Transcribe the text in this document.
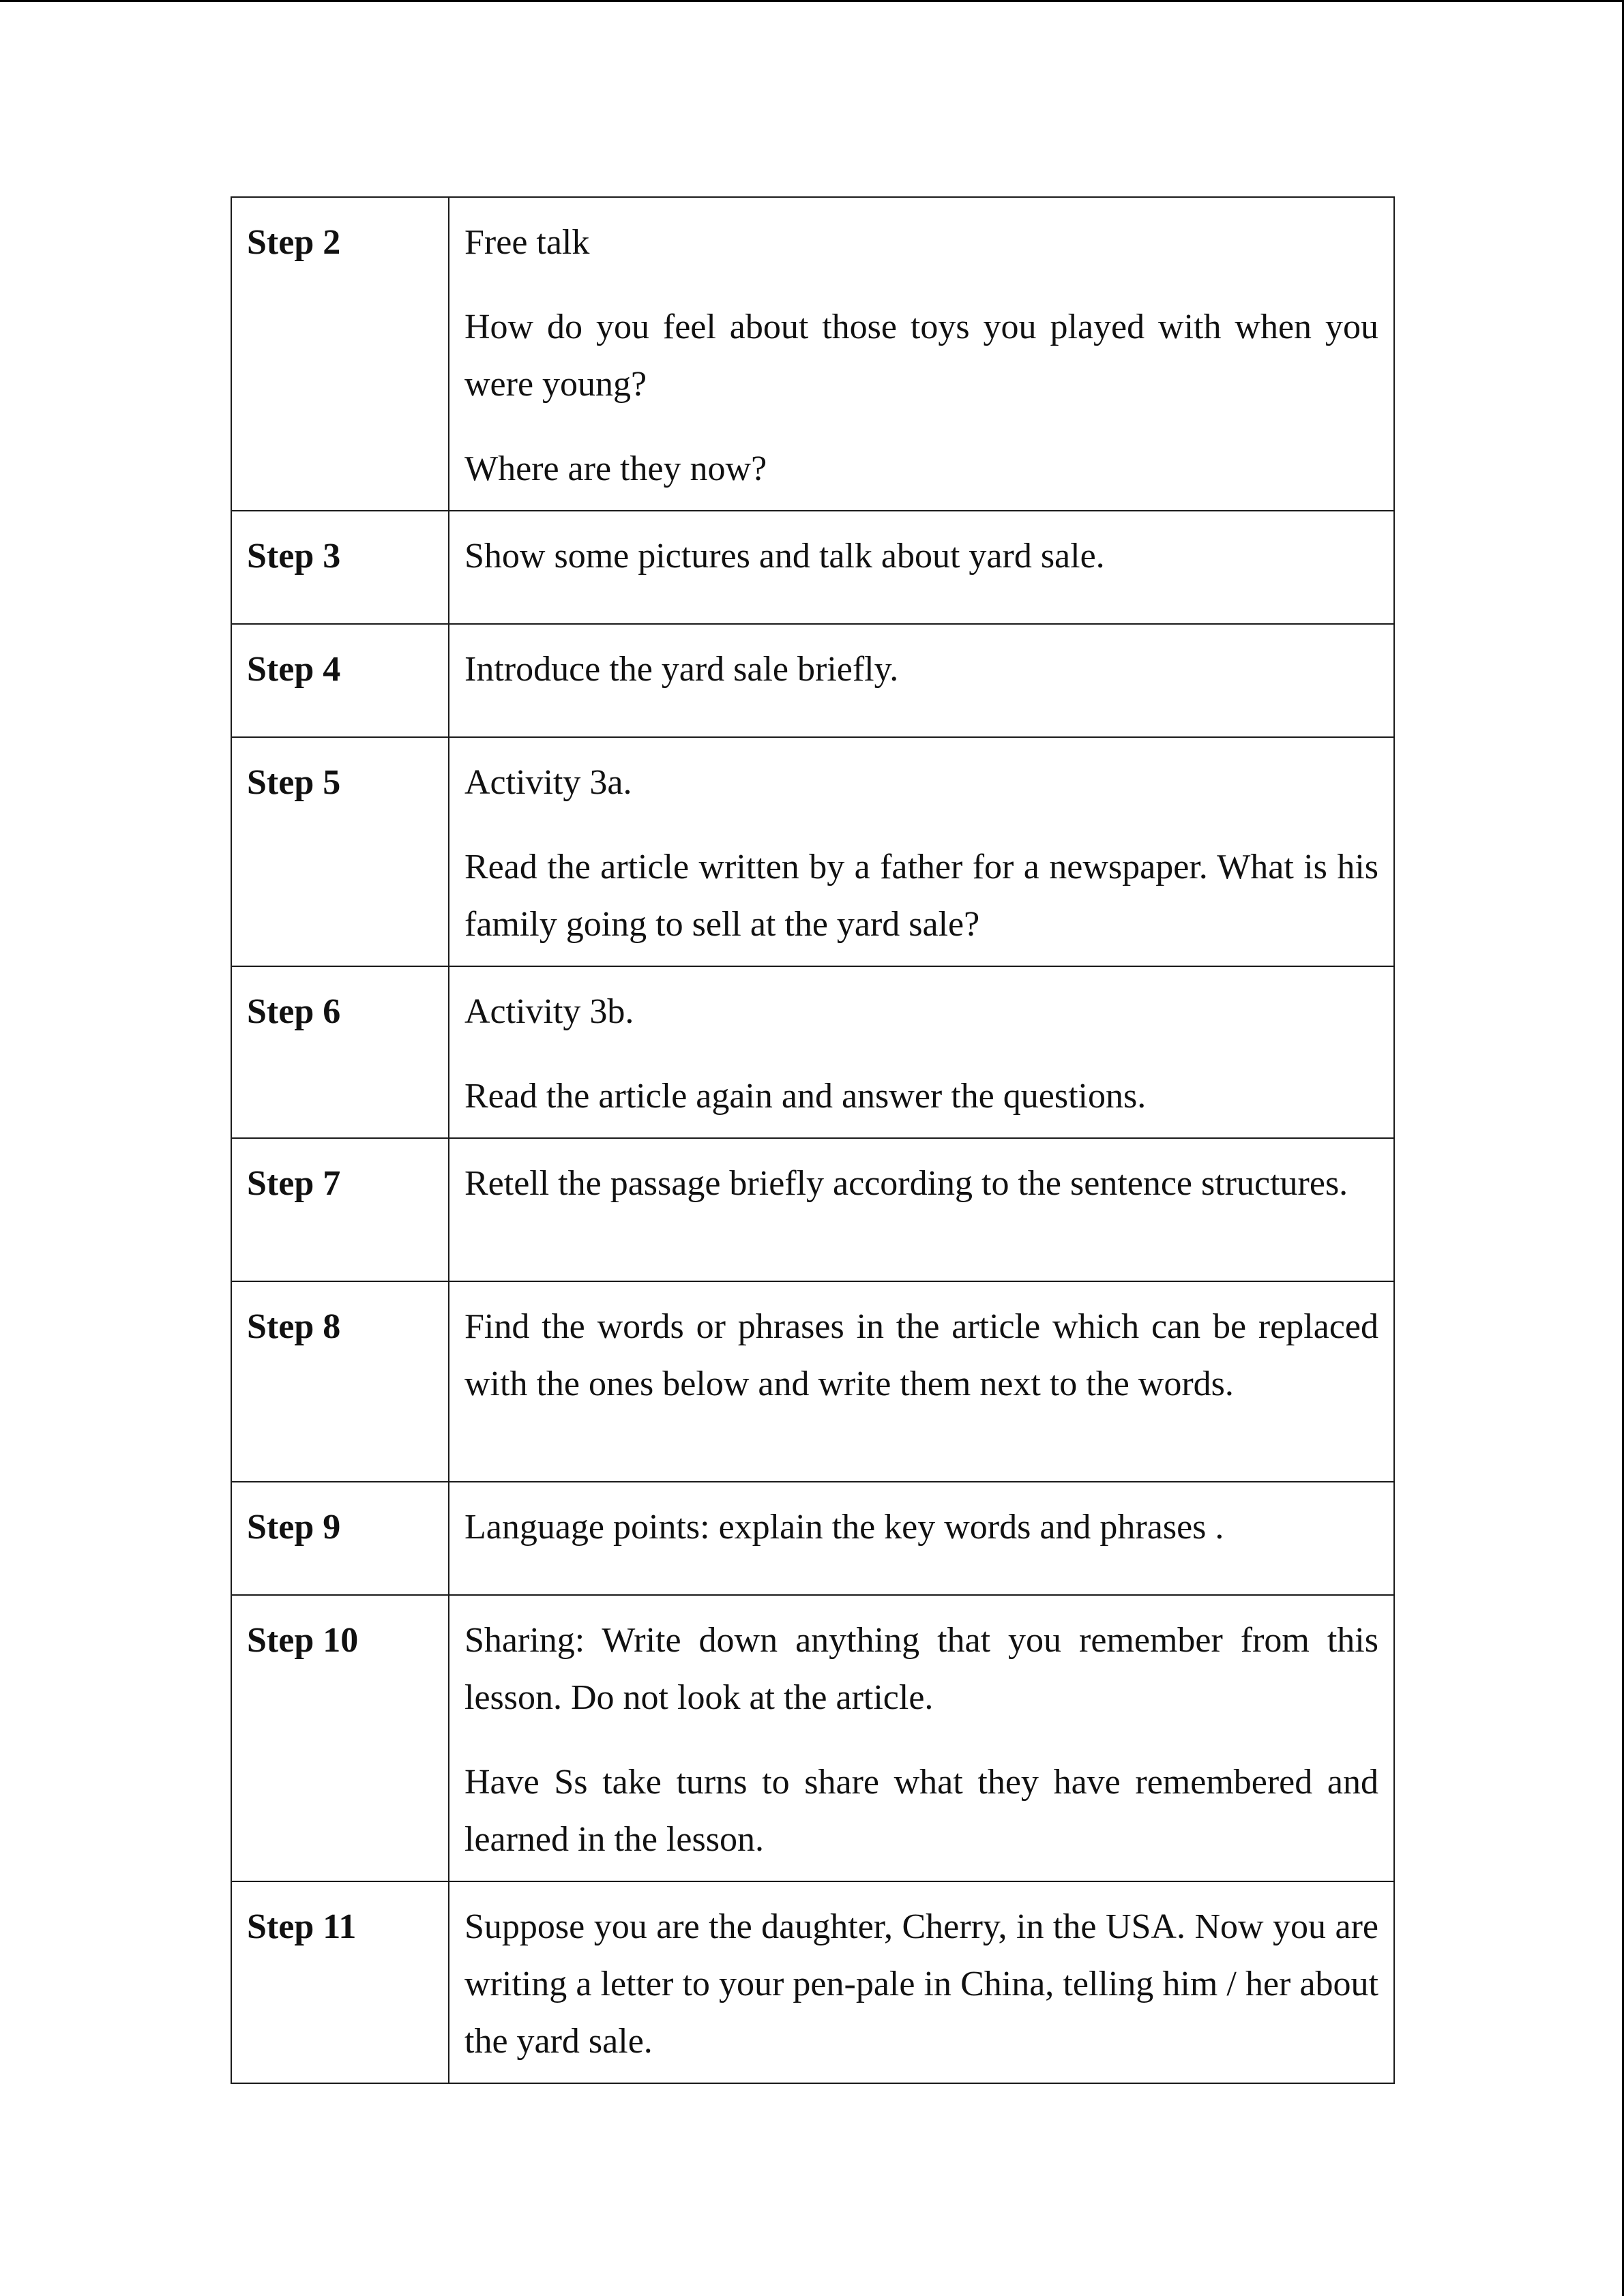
Step 2	Free talk

How do you feel about those toys you played with when you were young?

Where are they now?

Step 3	Show some pictures and talk about yard sale.

Step 4	Introduce the yard sale briefly.

Step 5	Activity 3a.

Read the article written by a father for a newspaper. What is his family going to sell at the yard sale?

Step 6	Activity 3b.

Read the article again and answer the questions.

Step 7	Retell the passage briefly according to the sentence structures.

Step 8	Find the words or phrases in the article which can be replaced with the ones below and write them next to the words.

Step 9	Language points: explain the key words and phrases .

Step 10	Sharing: Write down anything that you remember from this lesson. Do not look at the article.

Have Ss take turns to share what they have remembered and learned in the lesson.

Step 11	Suppose you are the daughter, Cherry, in the USA. Now you are writing a letter to your pen-pale in China, telling him / her about the yard sale.
